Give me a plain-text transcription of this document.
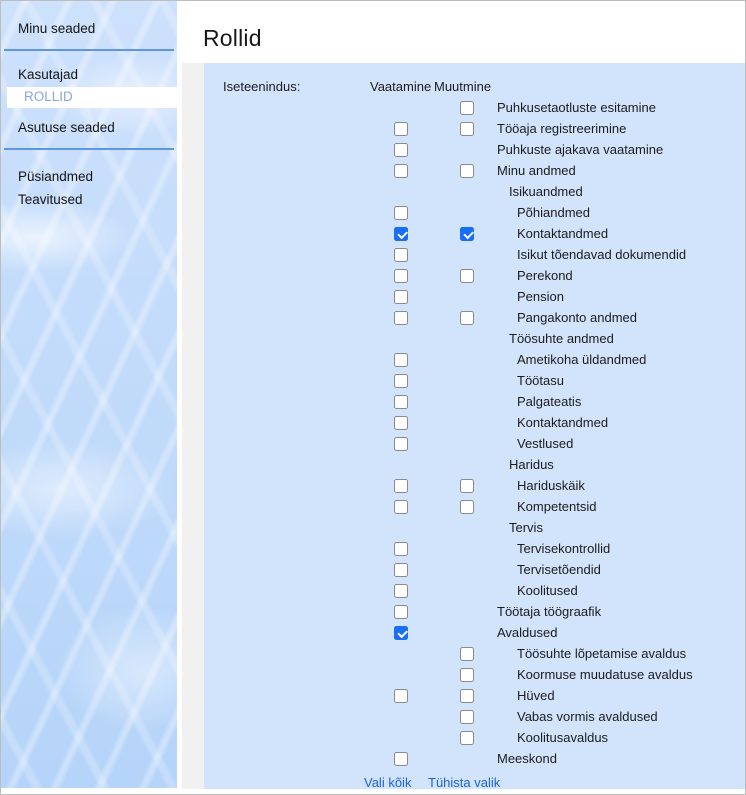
Minu seaded
Kasutajad
ROLLID
Asutuse seaded
Püsiandmed
Teavitused
Rollid
Iseteenindus:	Vaatamine Muutmine
Puhkusetaotluste esitamine
Tööaja registreerimine
Puhkuste ajakava vaatamine
Minu andmed
Isikuandmed
Põhiandmed
Kontaktandmed
Isikut tõendavad dokumendid
Perekond
Pension
Pangakonto andmed
Töösuhte andmed
Ametikoha üldandmed
Töötasu
Palgateatis
Kontaktandmed
Vestlused
Haridus
Hariduskäik
Kompetentsid
Tervis
Tervisekontrollid
Tervisetõendid
Koolitused
Töötaja töögraafik
Avaldused
Töösuhte lõpetamise avaldus
Koormuse muudatuse avaldus
Hüved
Vabas vormis avaldused
Koolitusavaldus
Meeskond
Vali kõik Tühista valik
